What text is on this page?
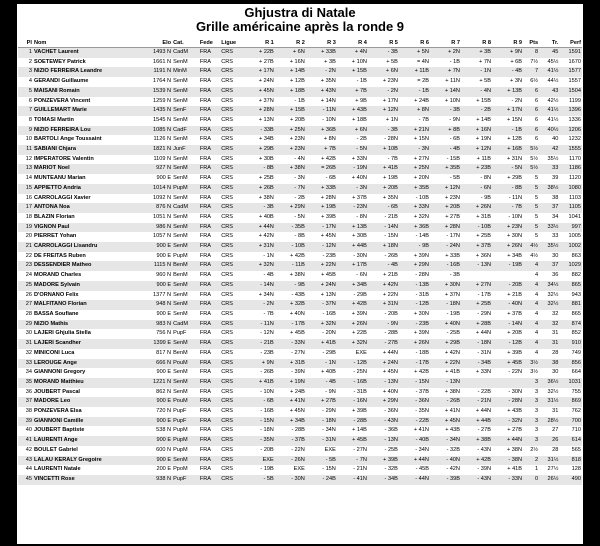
Ghjustra di Natale
Grille américaine après la ronde 9
Pl	Nom	Elo	Cat.	Fede	Ligue	R 1	R 2	R 3	R 4	R 5	R 6	R 7	R 8	R 9	Pts	Tr.	Perf
1	VACHET Laurent	1493 N	CadM	FRA	CRS	+ 22B	+ 6N	+ 33B	+ 4N	- 3B	+ 5N	+ 2N	+ 3B	+ 9N	8	45	1591
2	SOETEWEY Patrick	1661 N	SenM	FRA	CRS	+ 27B	+ 16N	+ 3B	+ 10N	+ 5B	= 4N	- 1B	+ 7N	+ 6B	7½	45½	1670
3	NIZIO FERREIRA Leandre	1191 N	MinM	FRA	CRS	+ 17N	+ 14B	- 2N	+ 15B	+ 6N	+ 11B	+ 7N	- 1N	- 4B	7	41½	1577
4	GERANDI Guillaume	1764 N	SenM	FRA	CRS	+ 24N	+ 12B	+ 35N	- 1B	+ 23N	= 2B	+ 11N	+ 5B	+ 3N	6½	44½	1557
5	MAISANI Romain	1539 N	SenM	FRA	CRS	+ 45N	+ 18B	+ 43N	+ 7B	- 2N	- 1B	+ 14N	- 4N	+ 13B	6	43	1504
6	PONZEVERA Vincent	1259 N	SenM	FRA	CRS	+ 37N	- 1B	+ 14N	+ 9B	+ 17N	+ 24B	+ 10N	+ 15B	- 2N	6	42½	1199
7	GUILLEMART Marie	1435 N	SenF	FRA	CRS	+ 28N	+ 15B	- 11N	+ 43B	+ 12N	+ 8N	- 3B	- 2B	+ 17N	6	41½	1396
8	TOMASI Martin	1545 N	SenM	FRA	CRS	+ 13N	+ 20B	- 10N	+ 18B	+ 1N	- 7B	- 9N	+ 14B	+ 15N	6	41½	1336
9	NIZIO FERREIRA Lou	1085 N	CadF	FRA	CRS	- 33B	+ 25N	+ 36B	+ 6N	- 3B	+ 21N	+ 8B	+ 16N	- 1B	6	40½	1206
10	BARTOLI Ange Toussaint	1126 N	SenM	FRA	CRS	+ 34B	+ 23N	+ 8N	- 2B	- 28N	+ 15N	- 6B	+ 19N	+ 12B	6	40	1232
11	SABIANI Chjara	1821 N	JunF	FRA	CRS	+ 29B	+ 23N	+ 7B	- 5N	+ 10B	- 3N	- 4B	+ 12N	+ 16B	5½	42	1555
12	IMPERATORE Valentin	1109 N	SenM	FRA	CRS	+ 30B	- 4N	+ 42B	+ 33N	- 7B	+ 27N	- 15B	+ 11B	+ 31N	5½	35½	1170
13	MARIOT Noel	927 N	SenM	FRA	CRS	- 8B	+ 38N	= 26B	- 19N	+ 41B	+ 25N	+ 35B	+ 23B	- 5N	5½	33	1186
14	MUNTEANU Marian	900 E	SenM	FRA	CRS	+ 25B	- 3N	- 6B	+ 40N	+ 19B	+ 20N	- 5B	- 8N	+ 29B	5	39	1120
15	APPIETTO Andria	1014 N	PupM	FRA	CRS	+ 26B	- 7N	+ 33B	- 3N	+ 20B	+ 35B	+ 12N	- 6N	- 8B	5	38½	1080
16	CARROLAGGI Xavier	1092 N	SenM	FRA	CRS	+ 38N	- 2B	+ 28N	+ 37B	+ 35N	- 10B	+ 23N	- 9B	- 11N	5	38	1103
17	ANTONA Noa	876 N	CadM	FRA	CRS	- 3B	+ 29N	+ 19B	- 23N	- 6B	+ 33N	+ 20B	+ 26N	- 7B	5	37	1105
18	BLAZIN Florian	1051 N	SenM	FRA	CRS	+ 40B	- 5N	+ 39B	- 8N	- 21B	+ 32N	+ 27B	+ 31B	- 10N	5	34	1041
19	VIGNON Paul	986 N	SenM	FRA	CRS	+ 44N	- 35B	- 17N	+ 13B	- 14N	+ 36B	+ 28N	- 10B	+ 23N	5	33½	997
20	PIERRET Yohan	1057 N	SenM	FRA	CRS	+ 42N	- 8B	+ 45N	+ 30B	- 15N	- 14B	- 17N	+ 25B	+ 30N	5	33	1005
21	CARROLAGGI Lisandru	900 E	SenM	FRA	CRS	+ 31N	- 10B	- 12N	+ 44B	+ 18N	- 9B	- 24N	+ 37B	+ 26N	4½	35½	1002
22	DE FREITAS Ruben	900 E	PupM	FRA	CRS	- 1N	+ 42B	- 23B	- 30N	- 26B	+ 39N	+ 33B	+ 36N	+ 34B	4½	30	863
23	DESSENDIER Matheo	1115 N	BenM	FRA	CRS	+ 32N	- 11B	+ 22N	+ 17B	- 4B	+ 29N	- 16B	- 13N	- 19B	4	37	1029
24	MORAND Charles	960 N	BenM	FRA	CRS	- 4B	+ 38N	+ 45B	- 6N	+ 21B	- 28N	- 3B			4	36	882
25	MADORE Sylvain	900 E	SenM	FRA	CRS	- 14N	- 9B	+ 24N	+ 34B	+ 42N	- 13B	+ 30N	+ 27N	- 20B	4	34½	865
26	D'ORNANO Felix	1377 N	SenM	FRA	CRS	+ 34N	- 43B	+ 13N	- 29B	+ 22N	- 31B	+ 37N	- 17B	+ 21B	4	32½	943
27	MALFITANO Florian	948 N	SenM	FRA	CRS	- 2N	+ 32B	- 37N	+ 42B	+ 31N	- 12B	- 18N	+ 25B	- 40N	4	32½	881
28	BASSA Soufiane	900 E	SenM	FRA	CRS	- 7B	+ 40N	- 16B	+ 39N	- 20B	+ 30N	- 19B	- 29N	+ 37B	4	32	865
29	NIZIO Mathis	983 N	CadM	FRA	CRS	- 11N	- 17B	+ 32N	+ 26N	- 9N	- 23B	+ 40N	+ 28B	- 14N	4	32	874
30	LAJERI Ghjulia Stella	756 N	PupF	FRA	CRS	- 12N	+ 45B	- 20N	+ 22B	- 28B	+ 39N	- 25B	+ 44N	+ 20B	4	31	852
31	LAJERI Scandher	1399 E	SenM	FRA	CRS	- 21B	- 33N	+ 41B	+ 32N	- 27B	+ 26N	+ 29B	- 18N	- 12B	4	31	910
32	MINICONI Luca	817 N	BenM	FRA	CRS	- 23B	- 27N	- 29B	EXE	+ 44N	- 18B	+ 42N	- 31N	+ 39B	4	28	749
33	LEROUGE Ange	666 N	PouM	FRA	CRS	+ 9N	+ 31B	- 1N	- 12B	+ 24N	- 17B	+ 22N	- 34B	+ 45B	3½	38	856
34	GIANNONI Gregory	900 E	SenM	FRA	CRS	- 26B	- 39N	+ 40B	- 25N	+ 45N	+ 42B	+ 41B	+ 33N	- 22N	3½	30	664
35	MORAND Matthieu	1221 N	SenM	FRA	CRS	+ 41B	+ 19N	- 4B	- 16B	- 13N	- 15N	- 13N			3	36½	1031
36	JOUBERT Pascal	862 N	SenM	FRA	CRS	- 10N	+ 24B	- 9N	- 31B	+ 40N	- 37B	+ 38N	- 22B	- 30N	3	32½	755
37	MADORE Leo	900 E	PouM	FRA	CRS	- 6B	+ 41N	+ 27B	- 16N	+ 29N	- 36N	- 26B	- 21N	- 28N	3	31½	869
38	PONZEVERA Elsa	720 N	PupF	FRA	CRS	- 16B	+ 45N	- 29N	+ 39B	- 36N	- 35N	+ 41N	+ 44N	+ 43B	3	31	762
39	GIANNONI Camille	900 E	PupF	FRA	CRS	- 15N	+ 34B	- 18N	- 28B	- 43N	- 22B	+ 45N	+ 44B	- 32N	3	28½	700
40	JOUBERT Baptiste	538 N	PupM	FRA	CRS	- 18N	- 28B	- 34N	+ 14B	- 36B	+ 41N	+ 43B	- 27B	+ 27B	3	27	710
41	LAURENTI Ange	900 E	PupM	FRA	CRS	- 35N	- 37B	- 31N	+ 45B	- 13N	- 40B	- 34N	+ 38B	+ 44N	3	26	614
42	BOULET Gabriel	600 N	PupM	FRA	CRS	- 20B	- 22N	EXE	- 27N	- 25B	- 34N	- 32B	- 43N	+ 38N	2½	28	565
43	LALAU KERALY Gregoire	900 E	SenM	FRA	CRS	EXE	- 26N	- 5B	- 7N	+ 39B	+ 44N	- 40N	+ 42B	- 38N	2	31½	818
44	LAURENTI Natale	200 E	PpoM	FRA	CRS	- 19B	EXE	- 15N	- 21N	- 32B	- 45B	- 42N	- 39N	+ 41B	1	27½	128
45	VINCETTI Rose	938 N	PupF	FRA	CRS	- 5B	- 30N	- 24B	- 41N	- 34B	- 44N	- 39B	- 43N	- 33N	0	26½	490
